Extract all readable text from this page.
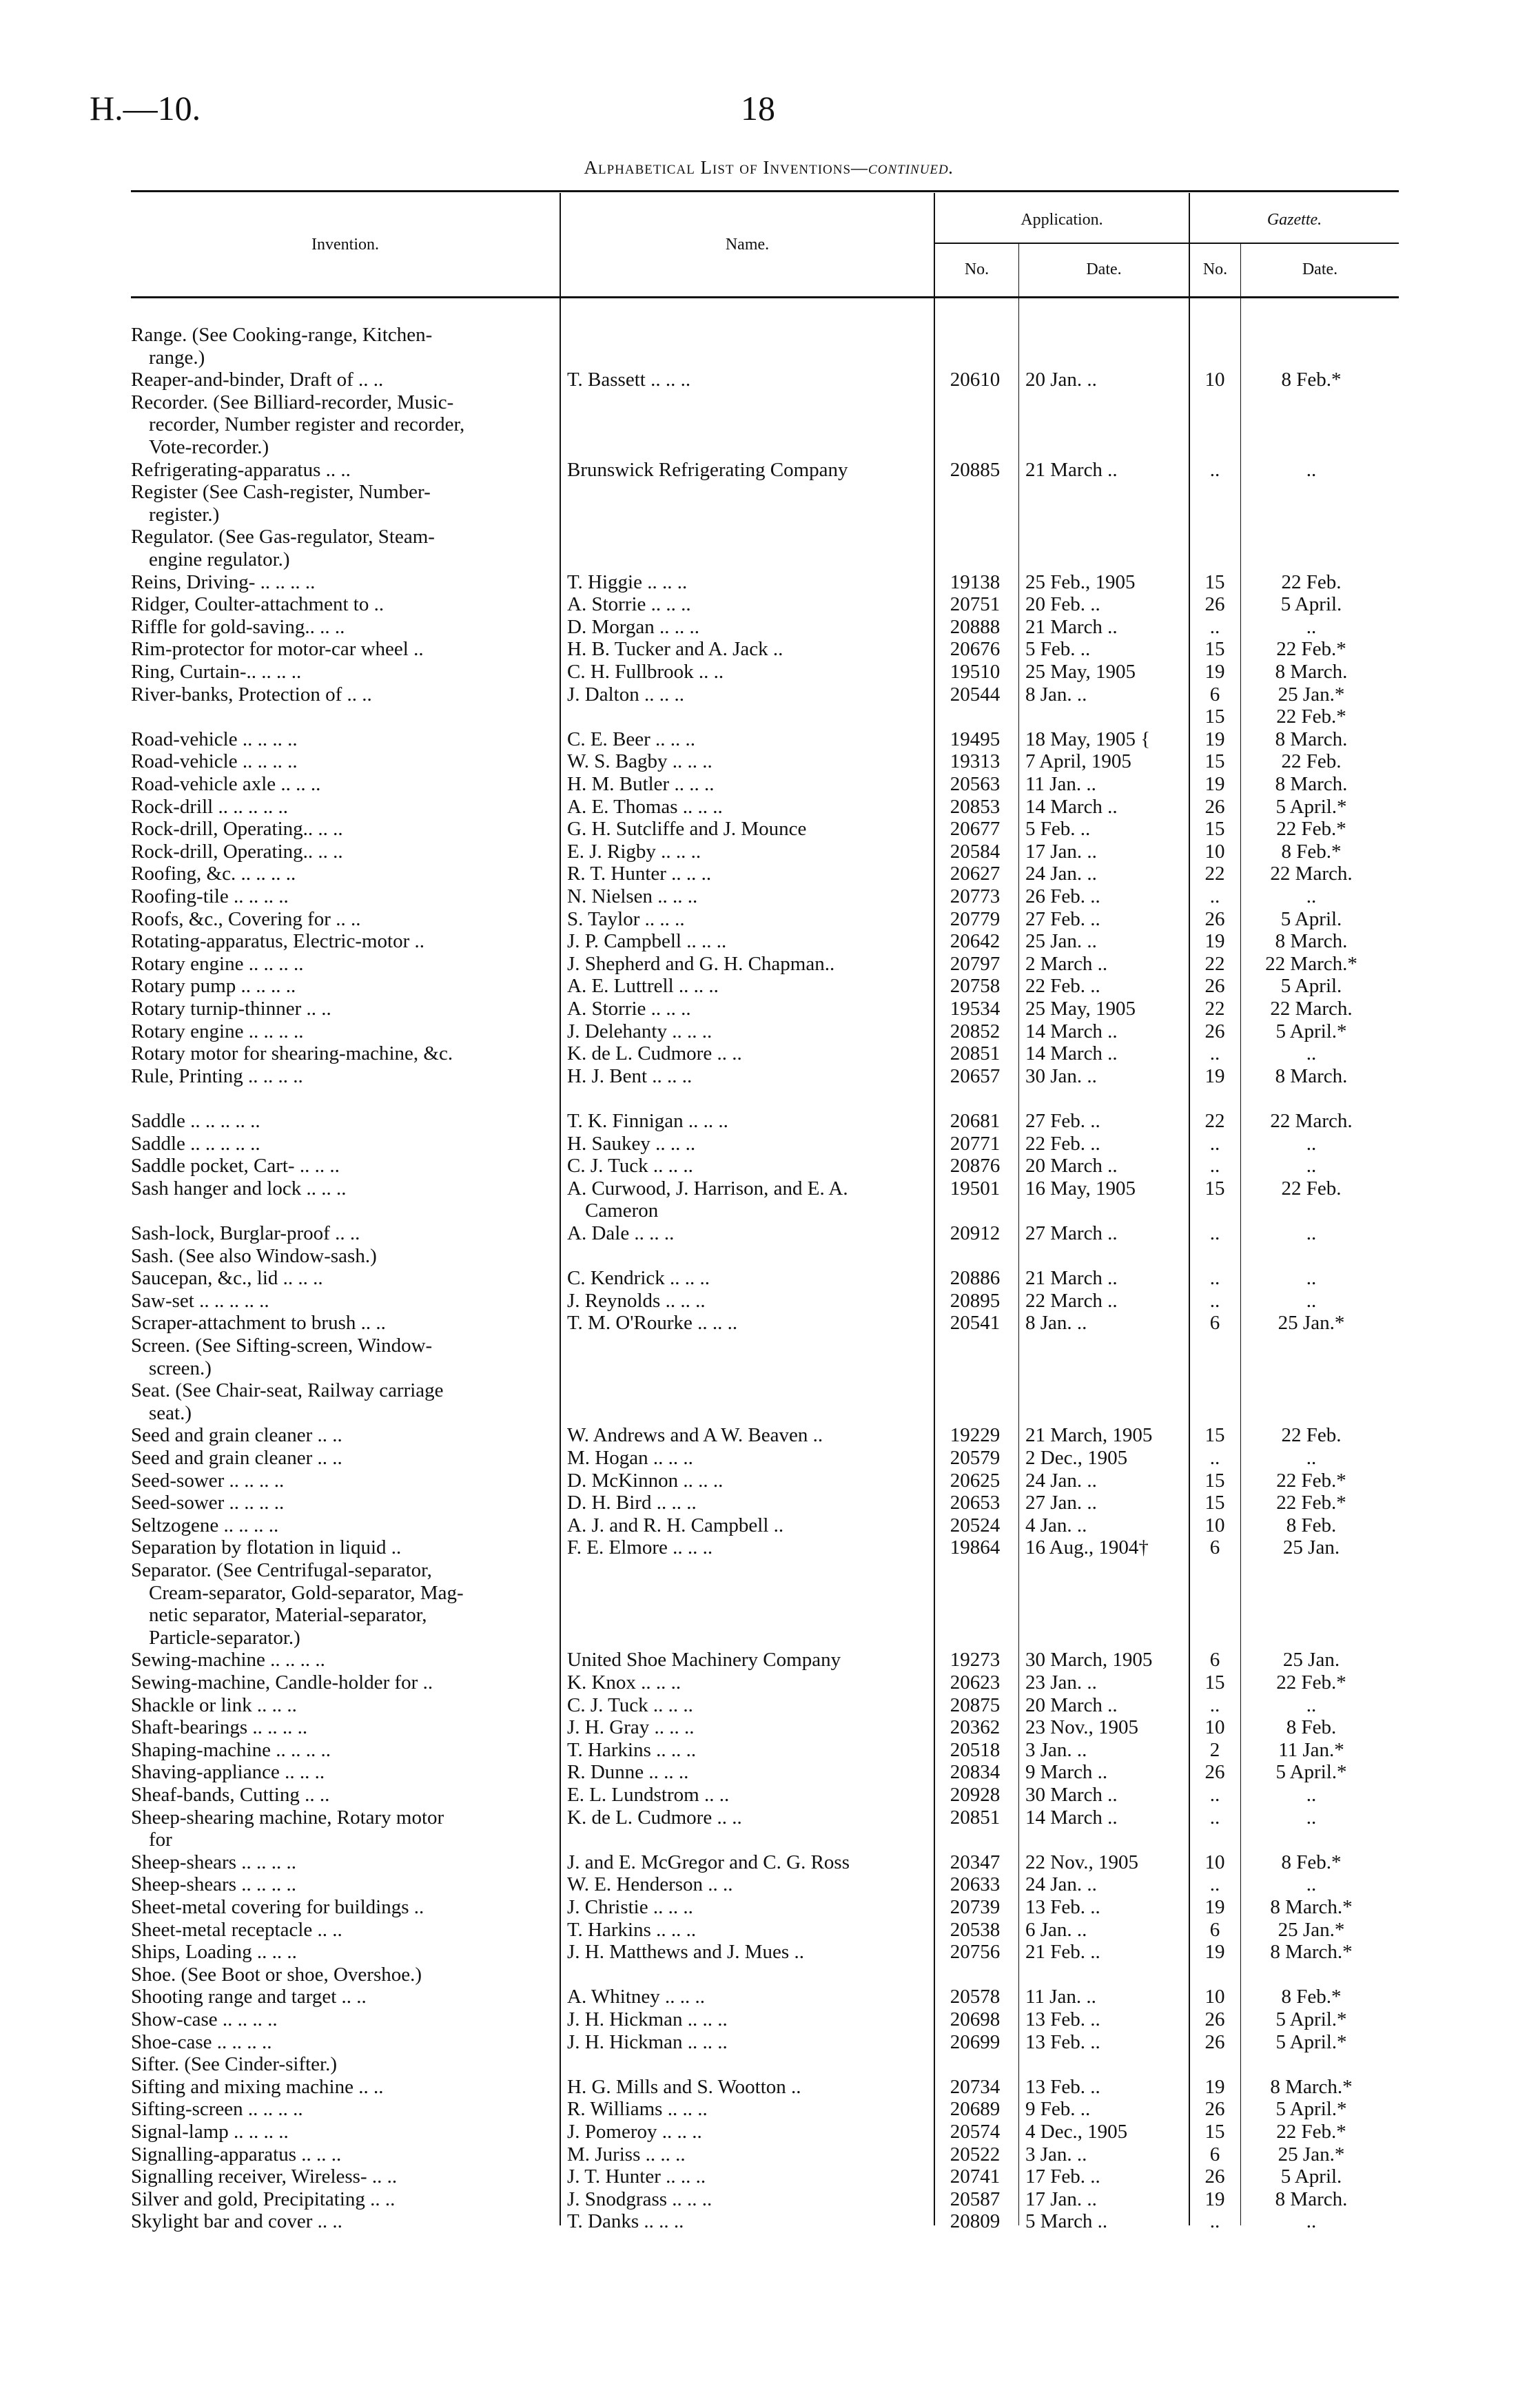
H.—10.	18
Alphabetical List of Inventions—continued.
Invention.	Name.
Application.	Gazette.
No.	Date.	No.	Date.
Range. (See Cooking-range, Kitchen-
range.)
Reaper-and-binder, Draft of .. ..	T. Bassett .. .. ..	20610	20 Jan. ..	10	8 Feb.*
Recorder. (See Billiard-recorder, Music-
recorder, Number register and recorder,
Vote-recorder.)
Refrigerating-apparatus .. ..	Brunswick Refrigerating Company	20885	21 March ..	..	..
Register (See Cash-register, Number-
register.)
Regulator. (See Gas-regulator, Steam-
engine regulator.)
Reins, Driving- .. .. .. ..	T. Higgie .. .. ..	19138	25 Feb., 1905	15	22 Feb.
Ridger, Coulter-attachment to ..	A. Storrie .. .. ..	20751	20 Feb. ..	26	5 April.
Riffle for gold-saving.. .. ..	D. Morgan .. .. ..	20888	21 March ..	..	..
Rim-protector for motor-car wheel ..	H. B. Tucker and A. Jack ..	20676	5 Feb. ..	15	22 Feb.*
Ring, Curtain-.. .. .. ..	C. H. Fullbrook .. ..	19510	25 May, 1905	19	8 March.
River-banks, Protection of .. ..	J. Dalton .. .. ..	20544	8 Jan. ..	6	25 Jan.*
15	22 Feb.*
Road-vehicle .. .. .. ..	C. E. Beer .. .. ..	19495	18 May, 1905 {	19	8 March.
Road-vehicle .. .. .. ..	W. S. Bagby .. .. ..	19313	7 April, 1905	15	22 Feb.
Road-vehicle axle .. .. ..	H. M. Butler .. .. ..	20563	11 Jan. ..	19	8 March.
Rock-drill .. .. .. .. ..	A. E. Thomas .. .. ..	20853	14 March ..	26	5 April.*
Rock-drill, Operating.. .. ..	G. H. Sutcliffe and J. Mounce	20677	5 Feb. ..	15	22 Feb.*
Rock-drill, Operating.. .. ..	E. J. Rigby .. .. ..	20584	17 Jan. ..	10	8 Feb.*
Roofing, &c. .. .. .. ..	R. T. Hunter .. .. ..	20627	24 Jan. ..	22	22 March.
Roofing-tile .. .. .. ..	N. Nielsen .. .. ..	20773	26 Feb. ..	..	..
Roofs, &c., Covering for .. ..	S. Taylor .. .. ..	20779	27 Feb. ..	26	5 April.
Rotating-apparatus, Electric-motor ..	J. P. Campbell .. .. ..	20642	25 Jan. ..	19	8 March.
Rotary engine .. .. .. ..	J. Shepherd and G. H. Chapman..	20797	2 March ..	22	22 March.*
Rotary pump .. .. .. ..	A. E. Luttrell .. .. ..	20758	22 Feb. ..	26	5 April.
Rotary turnip-thinner .. ..	A. Storrie .. .. ..	19534	25 May, 1905	22	22 March.
Rotary engine .. .. .. ..	J. Delehanty .. .. ..	20852	14 March ..	26	5 April.*
Rotary motor for shearing-machine, &c.	K. de L. Cudmore .. ..	20851	14 March ..	..	..
Rule, Printing .. .. .. ..	H. J. Bent .. .. ..	20657	30 Jan. ..	19	8 March.
Saddle .. .. .. .. ..	T. K. Finnigan .. .. ..	20681	27 Feb. ..	22	22 March.
Saddle .. .. .. .. ..	H. Saukey .. .. ..	20771	22 Feb. ..	..	..
Saddle pocket, Cart- .. .. ..	C. J. Tuck .. .. ..	20876	20 March ..	..	..
Sash hanger and lock .. .. ..	A. Curwood, J. Harrison, and E. A.	19501	16 May, 1905	15	22 Feb.
Cameron
Sash-lock, Burglar-proof .. ..	A. Dale .. .. ..	20912	27 March ..	..	..
Sash. (See also Window-sash.)
Saucepan, &c., lid .. .. ..	C. Kendrick .. .. ..	20886	21 March ..	..	..
Saw-set .. .. .. .. ..	J. Reynolds .. .. ..	20895	22 March ..	..	..
Scraper-attachment to brush .. ..	T. M. O'Rourke .. .. ..	20541	8 Jan. ..	6	25 Jan.*
Screen. (See Sifting-screen, Window-
screen.)
Seat. (See Chair-seat, Railway carriage
seat.)
Seed and grain cleaner .. ..	W. Andrews and A W. Beaven ..	19229	21 March, 1905	15	22 Feb.
Seed and grain cleaner .. ..	M. Hogan .. .. ..	20579	2 Dec., 1905	..	..
Seed-sower .. .. .. ..	D. McKinnon .. .. ..	20625	24 Jan. ..	15	22 Feb.*
Seed-sower .. .. .. ..	D. H. Bird .. .. ..	20653	27 Jan. ..	15	22 Feb.*
Seltzogene .. .. .. ..	A. J. and R. H. Campbell ..	20524	4 Jan. ..	10	8 Feb.
Separation by flotation in liquid ..	F. E. Elmore .. .. ..	19864	16 Aug., 1904†	6	25 Jan.
Separator. (See Centrifugal-separator,
Cream-separator, Gold-separator, Mag-
netic separator, Material-separator,
Particle-separator.)
Sewing-machine .. .. .. ..	United Shoe Machinery Company	19273	30 March, 1905	6	25 Jan.
Sewing-machine, Candle-holder for ..	K. Knox .. .. ..	20623	23 Jan. ..	15	22 Feb.*
Shackle or link .. .. ..	C. J. Tuck .. .. ..	20875	20 March ..	..	..
Shaft-bearings .. .. .. ..	J. H. Gray .. .. ..	20362	23 Nov., 1905	10	8 Feb.
Shaping-machine .. .. .. ..	T. Harkins .. .. ..	20518	3 Jan. ..	2	11 Jan.*
Shaving-appliance .. .. ..	R. Dunne .. .. ..	20834	9 March ..	26	5 April.*
Sheaf-bands, Cutting .. ..	E. L. Lundstrom .. ..	20928	30 March ..	..	..
Sheep-shearing machine, Rotary motor	K. de L. Cudmore .. ..	20851	14 March ..	..	..
for
Sheep-shears .. .. .. ..	J. and E. McGregor and C. G. Ross	20347	22 Nov., 1905	10	8 Feb.*
Sheep-shears .. .. .. ..	W. E. Henderson .. ..	20633	24 Jan. ..	..	..
Sheet-metal covering for buildings ..	J. Christie .. .. ..	20739	13 Feb. ..	19	8 March.*
Sheet-metal receptacle .. ..	T. Harkins .. .. ..	20538	6 Jan. ..	6	25 Jan.*
Ships, Loading .. .. ..	J. H. Matthews and J. Mues ..	20756	21 Feb. ..	19	8 March.*
Shoe. (See Boot or shoe, Overshoe.)
Shooting range and target .. ..	A. Whitney .. .. ..	20578	11 Jan. ..	10	8 Feb.*
Show-case .. .. .. ..	J. H. Hickman .. .. ..	20698	13 Feb. ..	26	5 April.*
Shoe-case .. .. .. ..	J. H. Hickman .. .. ..	20699	13 Feb. ..	26	5 April.*
Sifter. (See Cinder-sifter.)
Sifting and mixing machine .. ..	H. G. Mills and S. Wootton ..	20734	13 Feb. ..	19	8 March.*
Sifting-screen .. .. .. ..	R. Williams .. .. ..	20689	9 Feb. ..	26	5 April.*
Signal-lamp .. .. .. ..	J. Pomeroy .. .. ..	20574	4 Dec., 1905	15	22 Feb.*
Signalling-apparatus .. .. ..	M. Juriss .. .. ..	20522	3 Jan. ..	6	25 Jan.*
Signalling receiver, Wireless- .. ..	J. T. Hunter .. .. ..	20741	17 Feb. ..	26	5 April.
Silver and gold, Precipitating .. ..	J. Snodgrass .. .. ..	20587	17 Jan. ..	19	8 March.
Skylight bar and cover .. ..	T. Danks .. .. ..	20809	5 March ..	..	..
